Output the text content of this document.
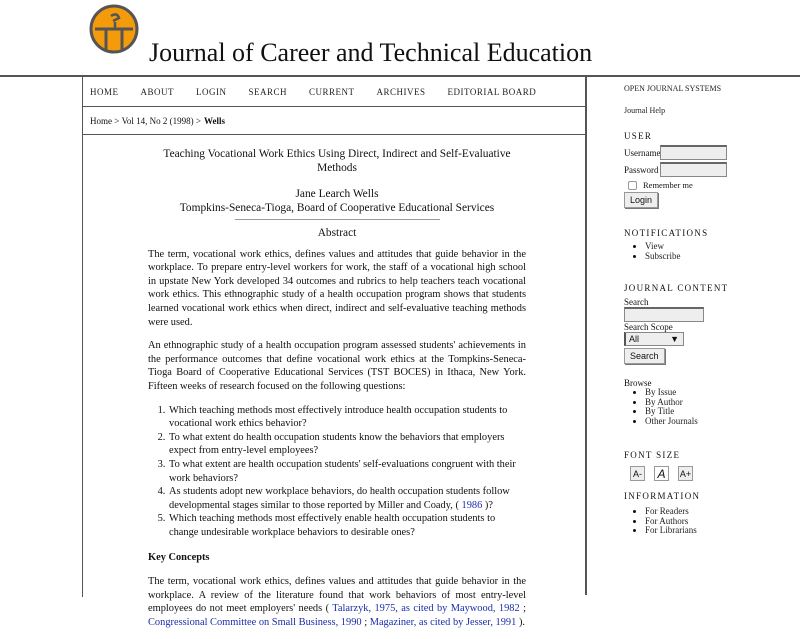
Journal of Career and Technical Education
HOME ABOUT LOGIN SEARCH CURRENT ARCHIVES EDITORIAL BOARD
Home
>
Vol 14, No 2 (1998)
> Wells
Teaching Vocational Work Ethics Using Direct, Indirect and Self-Evaluative Methods
Jane Learch Wells
Tompkins-Seneca-Tioga, Board of Cooperative Educational Services
Abstract

The term, vocational work ethics, defines values and attitudes that guide behavior in the workplace. To prepare entry-level workers for work, the staff of a vocational high school in upstate New York developed 34 outcomes and rubrics to help teachers teach vocational work ethics. This ethnographic study of a health occupation program shows that students learned vocational work ethics when direct, indirect and self-evaluative teaching methods were used.

An ethnographic study of a health occupation program assessed students' achievements in the performance outcomes that define vocational work ethics at the Tompkins-Seneca-Tioga Board of Cooperative Educational Services (TST BOCES) in Ithaca, New York. Fifteen weeks of research focused on the following questions:

1. Which teaching methods most effectively introduce health occupation students to vocational work ethics behavior?
2. To what extent do health occupation students know the behaviors that employers expect from entry-level employees?
3. To what extent are health occupation students' self-evaluations congruent with their work behaviors?
4. As students adopt new workplace behaviors, do health occupation students follow developmental stages similar to those reported by Miller and Coady, ( 1986 )?
5. Which teaching methods most effectively enable health occupation students to change undesirable workplace behaviors to desirable ones?
Key Concepts

The term, vocational work ethics, defines values and attitudes that guide behavior in the workplace. A review of the literature found that work behaviors of most entry-level employees do not meet employers' needs ( Talarzyk, 1975, as cited by Maywood, 1982 ; Congressional Committee on Small Business, 1990 ; Magaziner, as cited by Jesser, 1991 ).

OPEN JOURNAL SYSTEMS
Journal Help
USER
Username
Password
Remember me
Login
NOTIFICATIONS
• View
• Subscribe
JOURNAL CONTENT
Search
Search Scope
All	▼
Search
Browse
• By Issue
• By Author
• By Title
• Other Journals
FONT SIZE
A- A	A+
INFORMATION
• For Readers
• For Authors
• For Librarians
